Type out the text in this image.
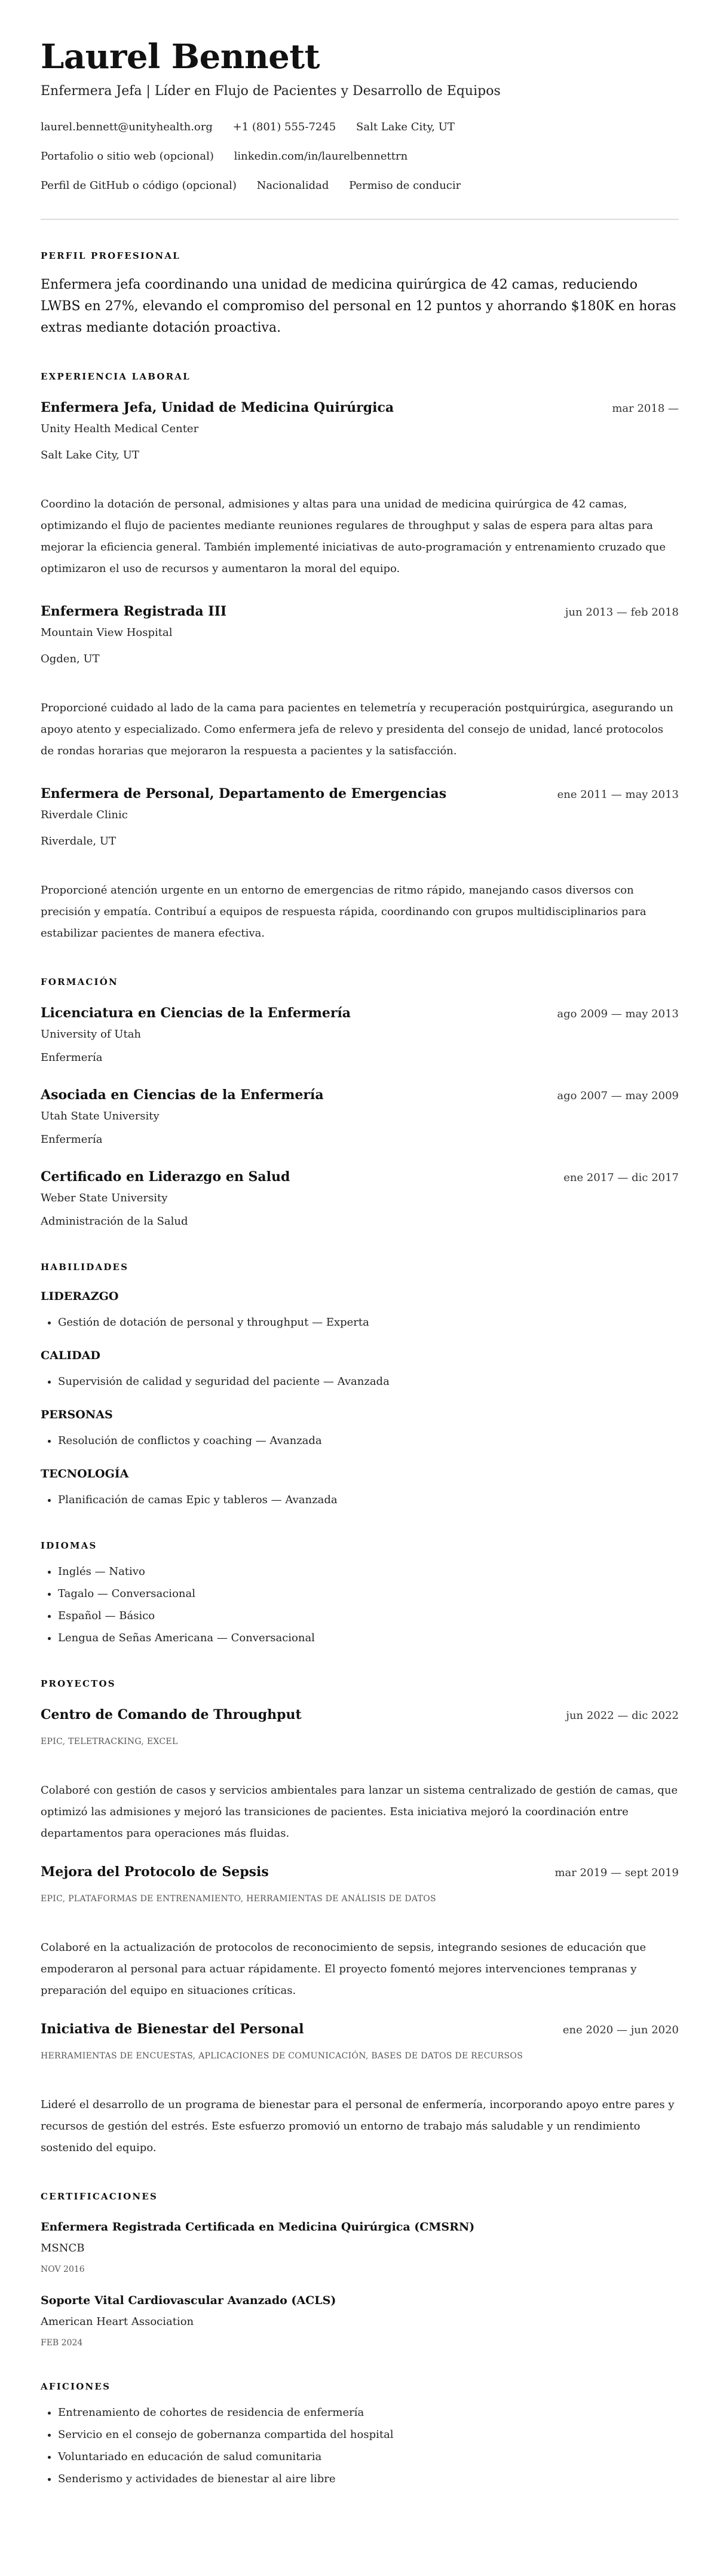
Laurel Bennett
Enfermera Jefa | Líder en Flujo de Pacientes y Desarrollo de Equipos
laurel.bennett@unityhealth.org +1 (801) 555-7245 Salt Lake City, UT
Portafolio o sitio web (opcional) linkedin.com/in/laurelbennettrn
Perfil de GitHub o código (opcional) Nacionalidad Permiso de conducir
PERFIL PROFESIONAL

Enfermera jefa coordinando una unidad de medicina quirúrgica de 42 camas, reduciendo LWBS en 27%, elevando el compromiso del personal en 12 puntos y ahorrando $180K en horas extras mediante dotación proactiva.

EXPERIENCIA LABORAL
Enfermera Jefa, Unidad de Medicina Quirúrgica	mar 2018 —
Unity Health Medical Center
Salt Lake City, UT
Coordino la dotación de personal, admisiones y altas para una unidad de medicina quirúrgica de 42 camas, optimizando el flujo de pacientes mediante reuniones regulares de throughput y salas de espera para altas para mejorar la eficiencia general. También implementé iniciativas de auto-programación y entrenamiento cruzado que optimizaron el uso de recursos y aumentaron la moral del equipo.
Enfermera Registrada III	jun 2013 — feb 2018
Mountain View Hospital
Ogden, UT
Proporcioné cuidado al lado de la cama para pacientes en telemetría y recuperación postquirúrgica, asegurando un apoyo atento y especializado. Como enfermera jefa de relevo y presidenta del consejo de unidad, lancé protocolos de rondas horarias que mejoraron la respuesta a pacientes y la satisfacción.
Enfermera de Personal, Departamento de Emergencias	ene 2011 — may 2013
Riverdale Clinic
Riverdale, UT
Proporcioné atención urgente en un entorno de emergencias de ritmo rápido, manejando casos diversos con precisión y empatía. Contribuí a equipos de respuesta rápida, coordinando con grupos multidisciplinarios para estabilizar pacientes de manera efectiva.
FORMACIÓN
Licenciatura en Ciencias de la Enfermería	ago 2009 — may 2013
University of Utah
Enfermería
Asociada en Ciencias de la Enfermería	ago 2007 — may 2009
Utah State University
Enfermería
Certificado en Liderazgo en Salud	ene 2017 — dic 2017
Weber State University
Administración de la Salud
HABILIDADES
LIDERAZGO
• Gestión de dotación de personal y throughput — Experta
CALIDAD
• Supervisión de calidad y seguridad del paciente — Avanzada
PERSONAS
• Resolución de conflictos y coaching — Avanzada
TECNOLOGÍA
• Planificación de camas Epic y tableros — Avanzada
IDIOMAS
• Inglés — Nativo
• Tagalo — Conversacional
• Español — Básico
• Lengua de Señas Americana — Conversacional
PROYECTOS
Centro de Comando de Throughput	jun 2022 — dic 2022
EPIC, TELETRACKING, EXCEL
Colaboré con gestión de casos y servicios ambientales para lanzar un sistema centralizado de gestión de camas, que optimizó las admisiones y mejoró las transiciones de pacientes. Esta iniciativa mejoró la coordinación entre departamentos para operaciones más fluidas.
Mejora del Protocolo de Sepsis	mar 2019 — sept 2019
EPIC, PLATAFORMAS DE ENTRENAMIENTO, HERRAMIENTAS DE ANÁLISIS DE DATOS
Colaboré en la actualización de protocolos de reconocimiento de sepsis, integrando sesiones de educación que empoderaron al personal para actuar rápidamente. El proyecto fomentó mejores intervenciones tempranas y preparación del equipo en situaciones críticas.
Iniciativa de Bienestar del Personal	ene 2020 — jun 2020
HERRAMIENTAS DE ENCUESTAS, APLICACIONES DE COMUNICACIÓN, BASES DE DATOS DE RECURSOS
Lideré el desarrollo de un programa de bienestar para el personal de enfermería, incorporando apoyo entre pares y recursos de gestión del estrés. Este esfuerzo promovió un entorno de trabajo más saludable y un rendimiento sostenido del equipo.
CERTIFICACIONES
Enfermera Registrada Certificada en Medicina Quirúrgica (CMSRN)
MSNCB
NOV 2016
Soporte Vital Cardiovascular Avanzado (ACLS)
American Heart Association
FEB 2024
AFICIONES
• Entrenamiento de cohortes de residencia de enfermería
• Servicio en el consejo de gobernanza compartida del hospital
• Voluntariado en educación de salud comunitaria
• Senderismo y actividades de bienestar al aire libre
